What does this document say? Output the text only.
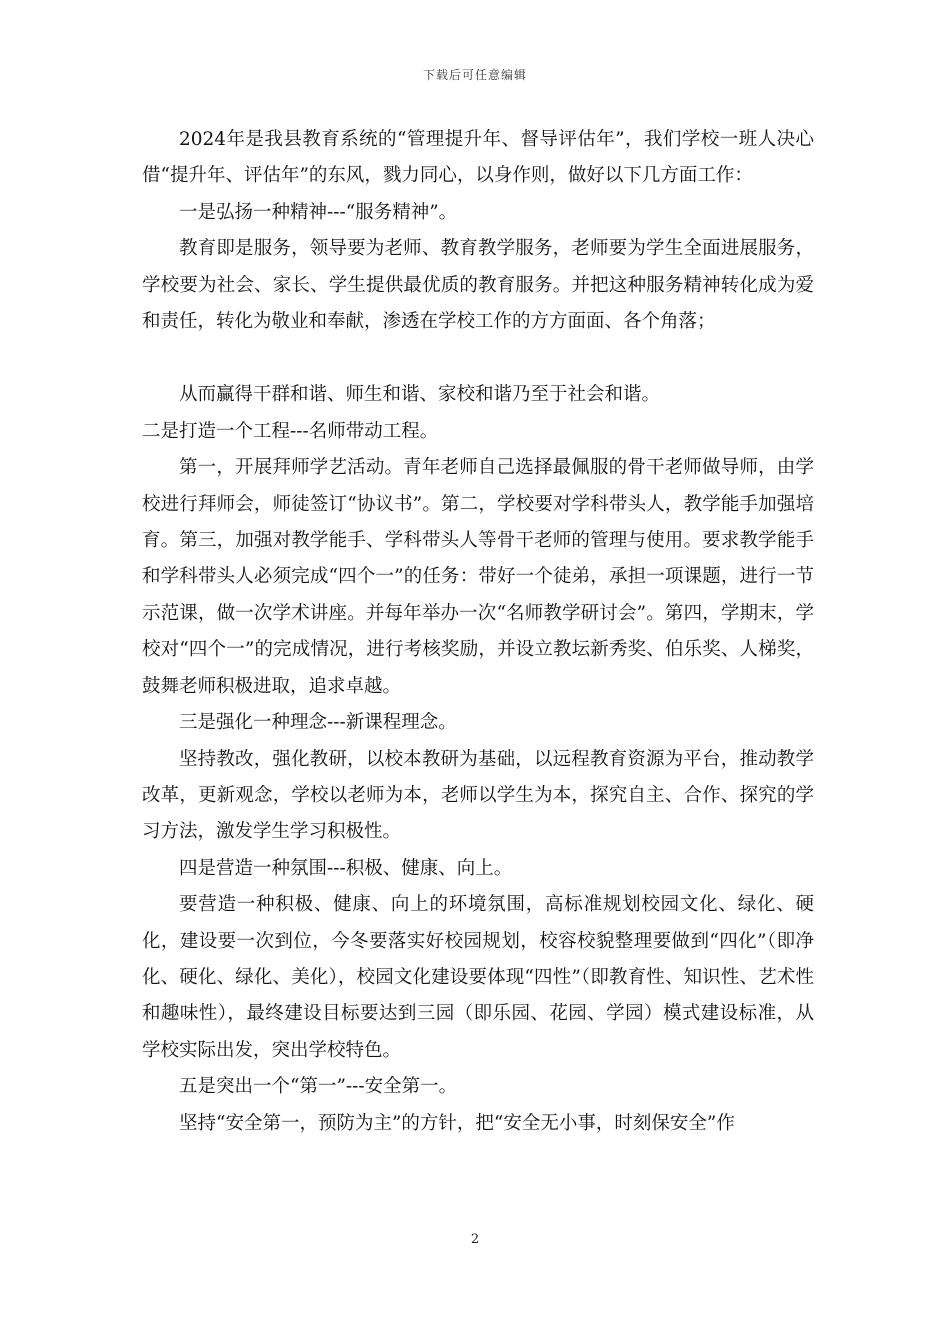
下载后可任意编辑

2024年是我县教育系统的“管理提升年、督导评估年”，我们学校一班人决心借“提升年、评估年”的东风，戮力同心，以身作则，做好以下几方面工作：

一是弘扬一种精神---“服务精神”。

教育即是服务，领导要为老师、教育教学服务，老师要为学生全面进展服务，学校要为社会、家长、学生提供最优质的教育服务。并把这种服务精神转化成为爱和责任，转化为敬业和奉献，渗透在学校工作的方方面面、各个角落；

从而赢得干群和谐、师生和谐、家校和谐乃至于社会和谐。

二是打造一个工程---名师带动工程。

第一，开展拜师学艺活动。青年老师自己选择最佩服的骨干老师做导师，由学校进行拜师会，师徒签订“协议书”。第二，学校要对学科带头人，教学能手加强培育。第三，加强对教学能手、学科带头人等骨干老师的管理与使用。要求教学能手和学科带头人必须完成“四个一”的任务：带好一个徒弟，承担一项课题，进行一节示范课，做一次学术讲座。并每年举办一次“名师教学研讨会”。第四，学期末，学校对“四个一”的完成情况，进行考核奖励，并设立教坛新秀奖、伯乐奖、人梯奖，鼓舞老师积极进取，追求卓越。

三是强化一种理念---新课程理念。

坚持教改，强化教研，以校本教研为基础，以远程教育资源为平台，推动教学改革，更新观念，学校以老师为本，老师以学生为本，探究自主、合作、探究的学习方法，激发学生学习积极性。

四是营造一种氛围---积极、健康、向上。

要营造一种积极、健康、向上的环境氛围，高标准规划校园文化、绿化、硬化，建设要一次到位，今冬要落实好校园规划，校容校貌整理要做到“四化”（即净化、硬化、绿化、美化），校园文化建设要体现“四性”（即教育性、知识性、艺术性和趣味性），最终建设目标要达到三园（即乐园、花园、学园）模式建设标准，从学校实际出发，突出学校特色。

五是突出一个“第一”---安全第一。

坚持“安全第一，预防为主”的方针，把“安全无小事，时刻保安全”作

2
